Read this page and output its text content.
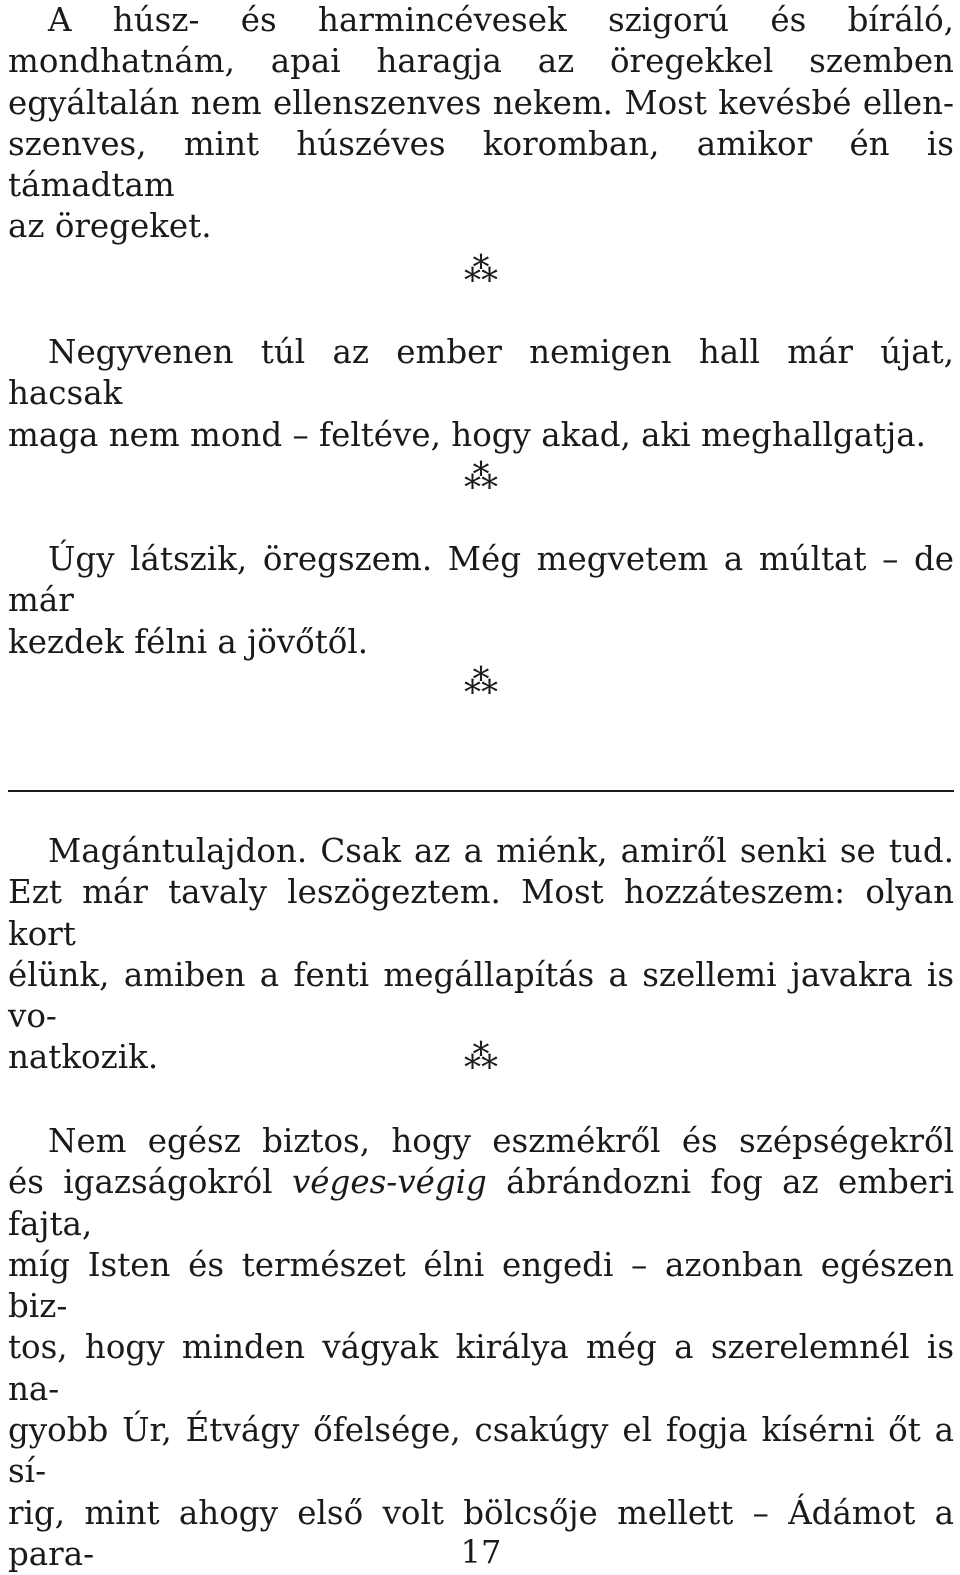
A húsz- és harmincévesek szigorú és bíráló,
mondhatnám, apai haragja az öregekkel szemben
egyáltalán nem ellenszenves nekem. Most kevésbé ellen-
szenves, mint húszéves koromban, amikor én is támadtam
az öregeket.

⁂

Negyvenen túl az ember nemigen hall már újat, hacsak
maga nem mond – feltéve, hogy akad, aki meghallgatja.

⁂

Úgy látszik, öregszem. Még megvetem a múltat – de már
kezdek félni a jövőtől.

⁂

Magántulajdon. Csak az a miénk, amiről senki se tud.
Ezt már tavaly leszögeztem. Most hozzáteszem: olyan kort
élünk, amiben a fenti megállapítás a szellemi javakra is vo-
natkozik.	⁂

Nem egész biztos, hogy eszmékről és szépségekről
és igazságokról véges-végig ábrándozni fog az emberi fajta,
míg Isten és természet élni engedi – azonban egészen biz-
tos, hogy minden vágyak királya még a szerelemnél is na-
gyobb Úr, Étvágy őfelsége, csakúgy el fogja kísérni őt a sí-
rig, mint ahogy első volt bölcsője mellett – Ádámot a para-	17
